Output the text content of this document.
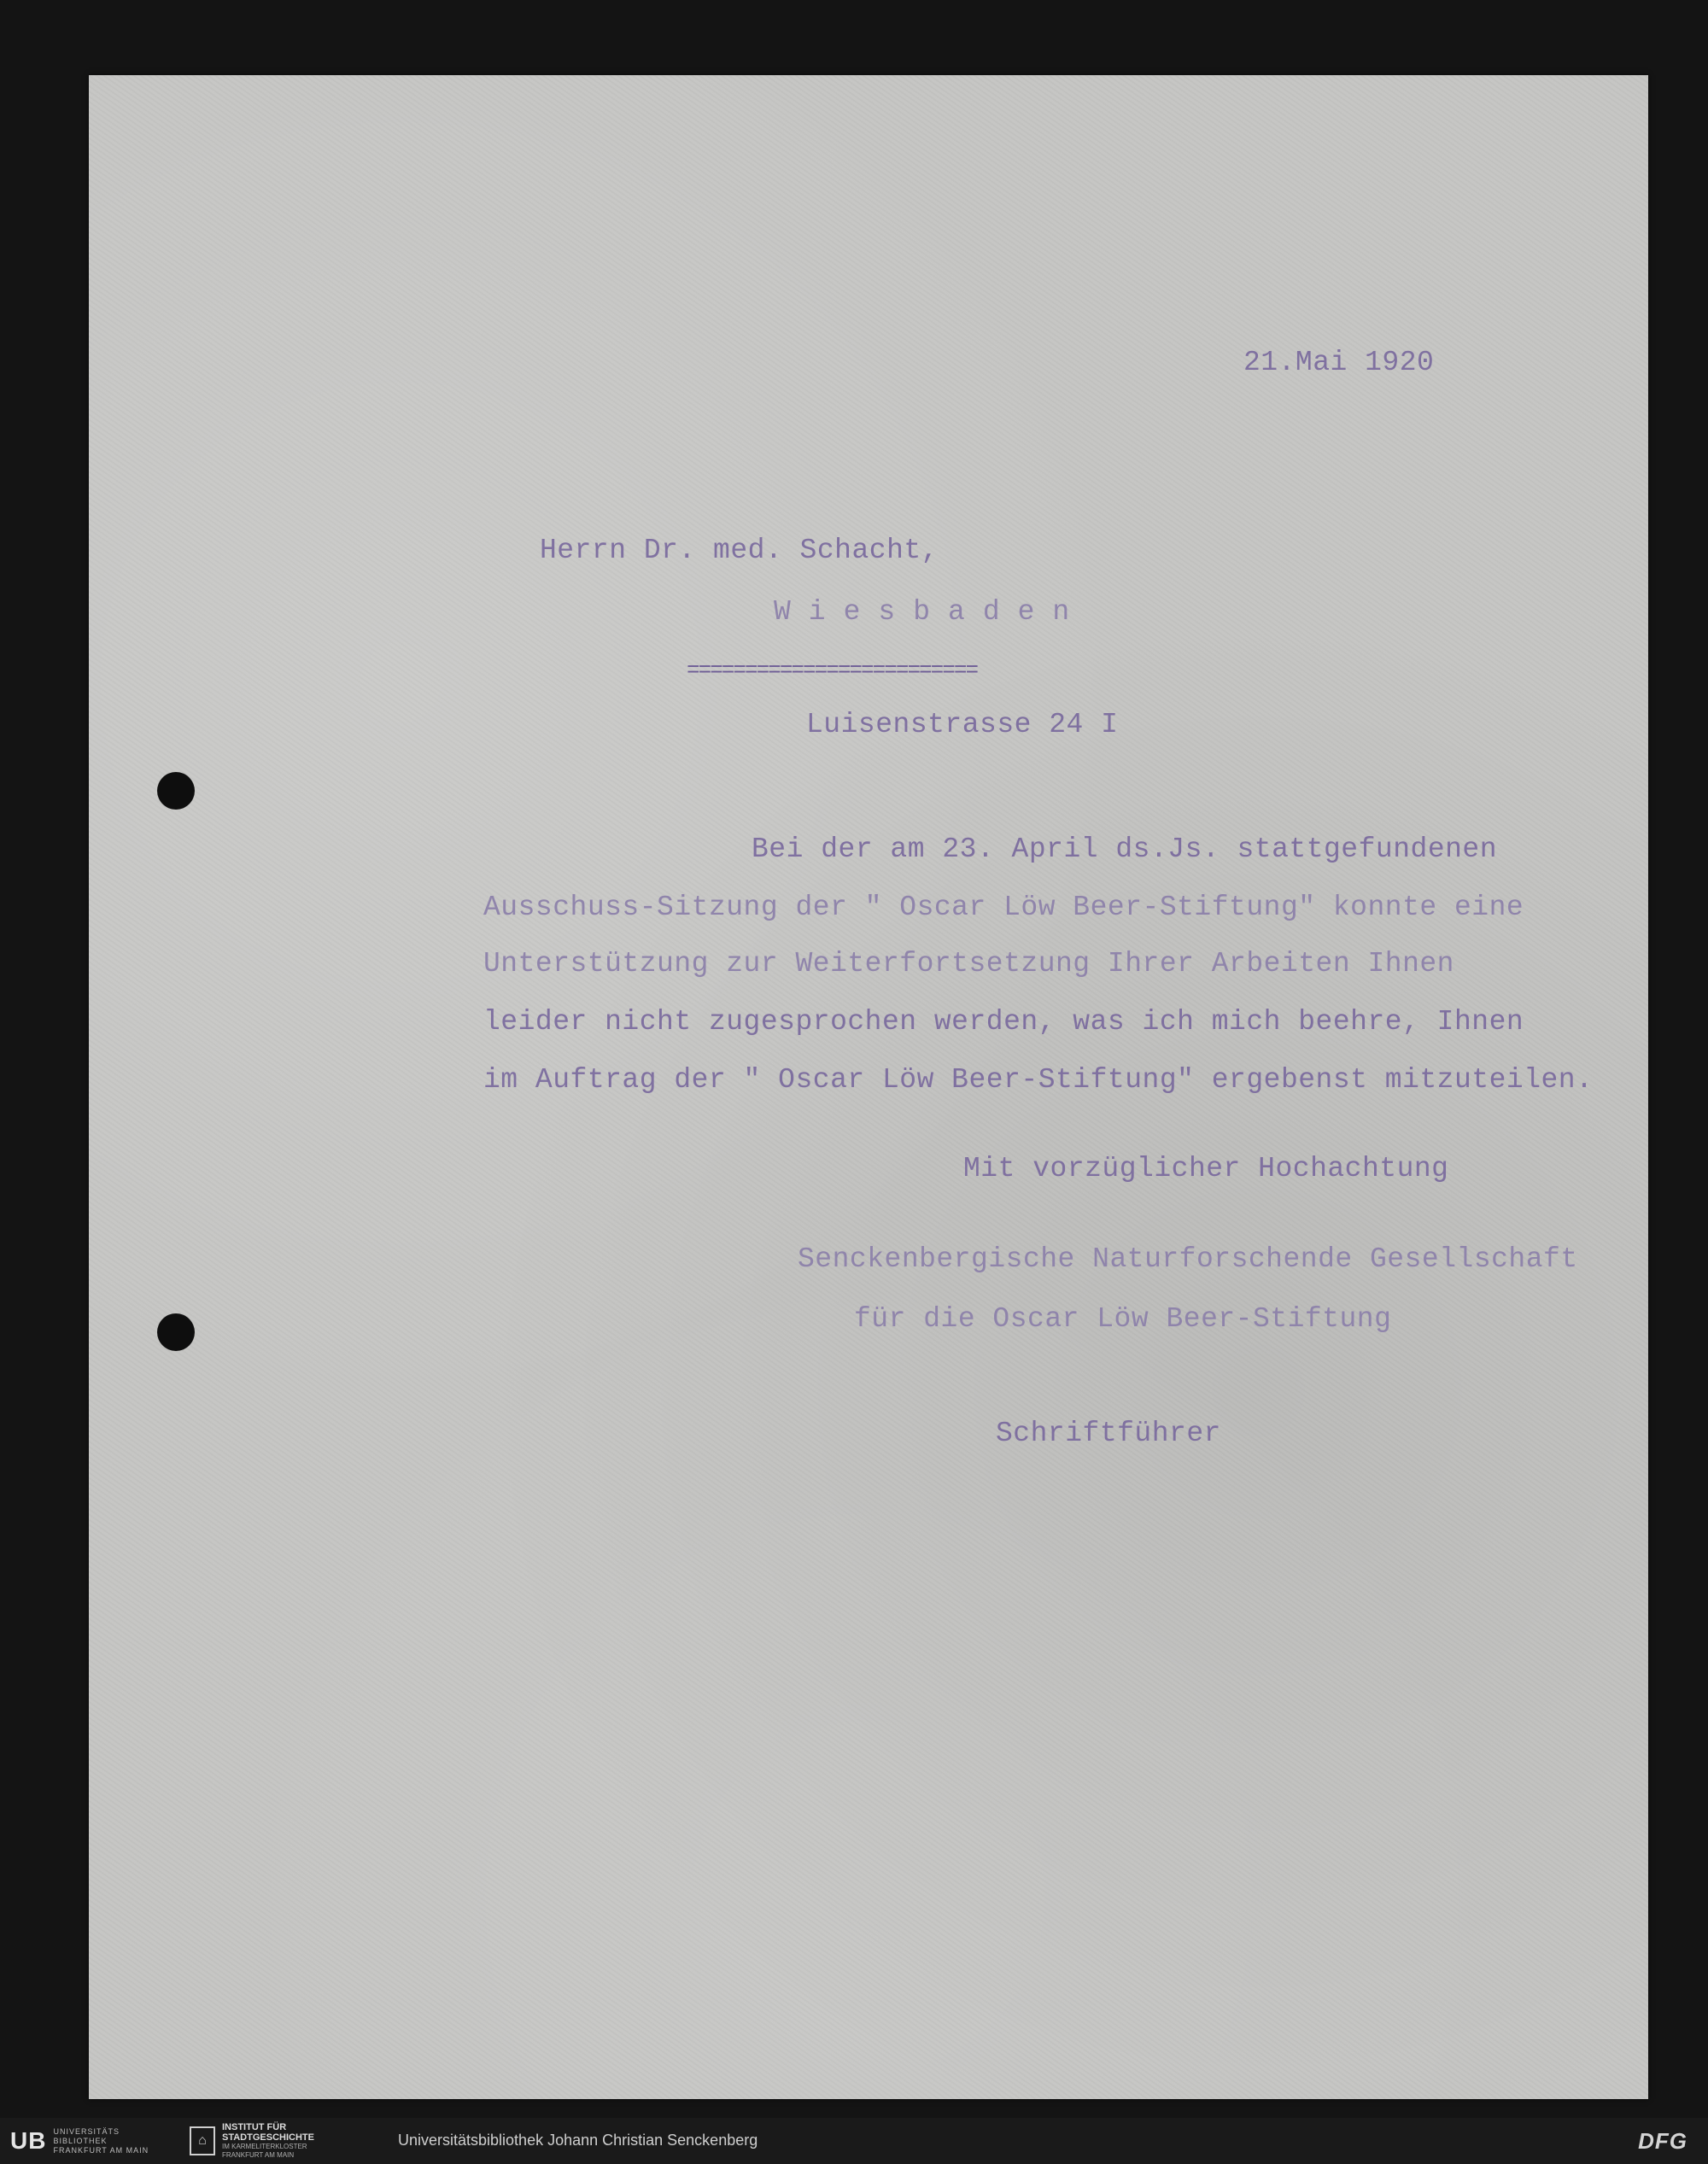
21.Mai 1920
Herrn Dr. med. Schacht,
Wiesbaden
=========================
Luisenstrasse 24 I
Bei der am 23. April ds.Js. stattgefundenen
Ausschuss-Sitzung der " Oscar Löw Beer-Stiftung" konnte eine
Unterstützung zur Weiterfortsetzung Ihrer Arbeiten Ihnen
leider nicht zugesprochen werden, was ich mich beehre, Ihnen
im Auftrag der " Oscar Löw Beer-Stiftung" ergebenst mitzuteilen.
Mit vorzüglicher Hochachtung
Senckenbergische Naturforschende Gesellschaft
für die Oscar Löw Beer-Stiftung
Schriftführer
UB UNIVERSITÄTS
BIBLIOTHEK
FRANKFURT AM MAIN
⌂
INSTITUT FÜR
STADTGESCHICHTE
IM KARMELITERKLOSTER
FRANKFURT AM MAIN
Universitätsbibliothek Johann Christian Senckenberg	DFG
